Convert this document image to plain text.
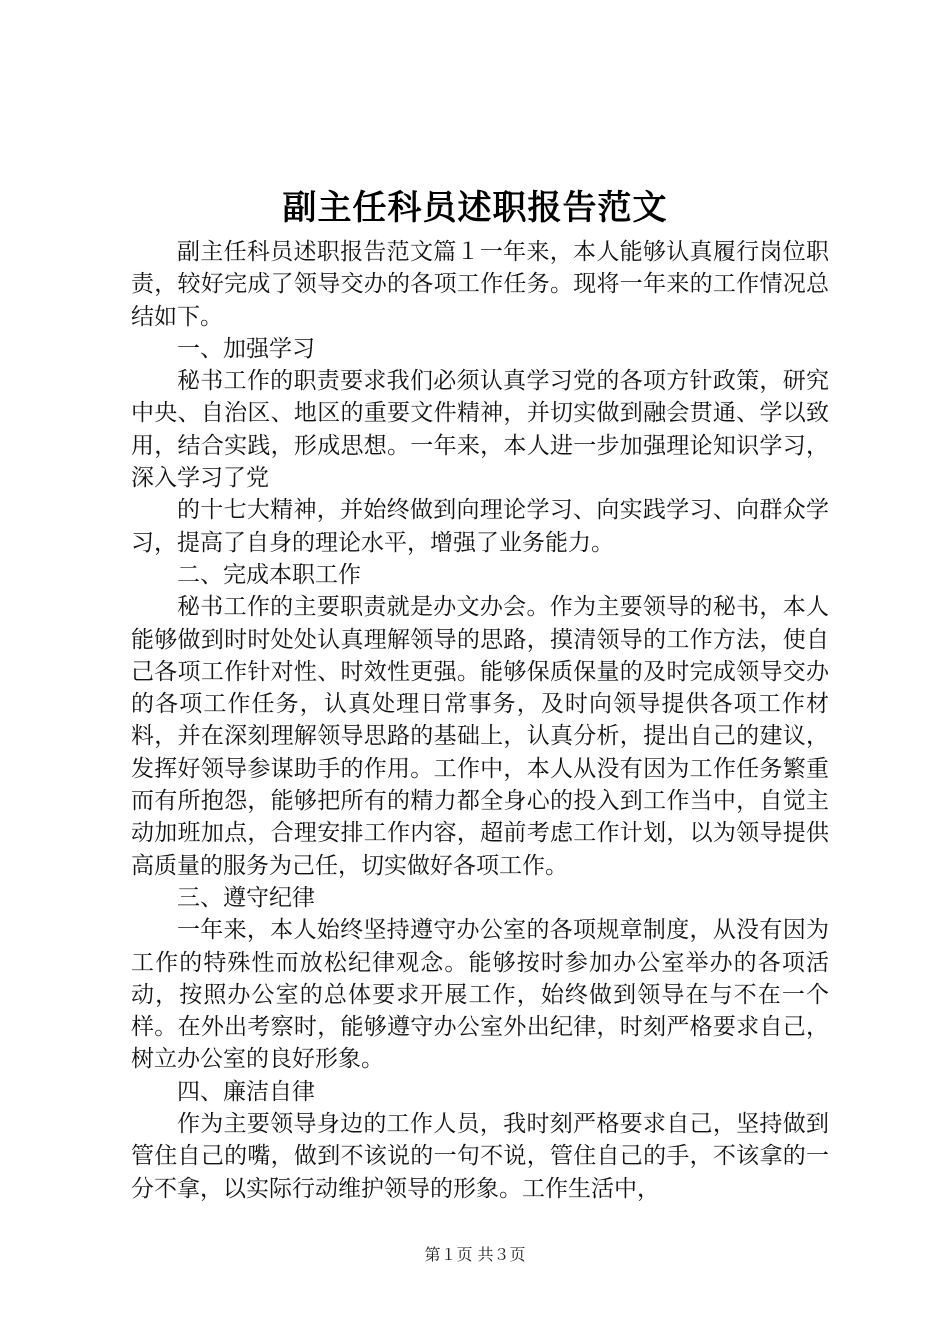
副主任科员述职报告范文

副主任科员述职报告范文篇１一年来，本人能够认真履行岗位职责，较好完成了领导交办的各项工作任务。现将一年来的工作情况总结如下。

一、加强学习

秘书工作的职责要求我们必须认真学习党的各项方针政策，研究中央、自治区、地区的重要文件精神，并切实做到融会贯通、学以致用，结合实践，形成思想。一年来，本人进一步加强理论知识学习，深入学习了党

的十七大精神，并始终做到向理论学习、向实践学习、向群众学习，提高了自身的理论水平，增强了业务能力。

二、完成本职工作

秘书工作的主要职责就是办文办会。作为主要领导的秘书，本人能够做到时时处处认真理解领导的思路，摸清领导的工作方法，使自己各项工作针对性、时效性更强。能够保质保量的及时完成领导交办的各项工作任务，认真处理日常事务，及时向领导提供各项工作材料，并在深刻理解领导思路的基础上，认真分析，提出自己的建议，发挥好领导参谋助手的作用。工作中，本人从没有因为工作任务繁重而有所抱怨，能够把所有的精力都全身心的投入到工作当中，自觉主动加班加点，合理安排工作内容，超前考虑工作计划，以为领导提供高质量的服务为己任，切实做好各项工作。

三、遵守纪律

一年来，本人始终坚持遵守办公室的各项规章制度，从没有因为工作的特殊性而放松纪律观念。能够按时参加办公室举办的各项活动，按照办公室的总体要求开展工作，始终做到领导在与不在一个样。在外出考察时，能够遵守办公室外出纪律，时刻严格要求自己，树立办公室的良好形象。

四、廉洁自律

作为主要领导身边的工作人员，我时刻严格要求自己，坚持做到管住自己的嘴，做到不该说的一句不说，管住自己的手，不该拿的一分不拿，以实际行动维护领导的形象。工作生活中，

第１页 共３页
